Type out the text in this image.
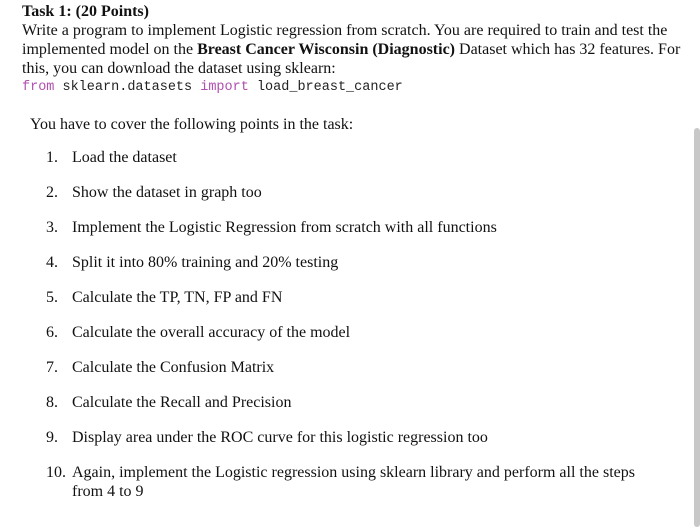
Task 1: (20 Points)

Write a program to implement Logistic regression from scratch. You are required to train and test the implemented model on the Breast Cancer Wisconsin (Diagnostic) Dataset which has 32 features. For this, you can download the dataset using sklearn:

from sklearn.datasets import load_breast_cancer

You have to cover the following points in the task:

1. Load the dataset
2. Show the dataset in graph too
3. Implement the Logistic Regression from scratch with all functions
4. Split it into 80% training and 20% testing
5. Calculate the TP, TN, FP and FN
6. Calculate the overall accuracy of the model
7. Calculate the Confusion Matrix
8. Calculate the Recall and Precision
9. Display area under the ROC curve for this logistic regression too
10. Again, implement the Logistic regression using sklearn library and perform all the steps from 4 to 9
